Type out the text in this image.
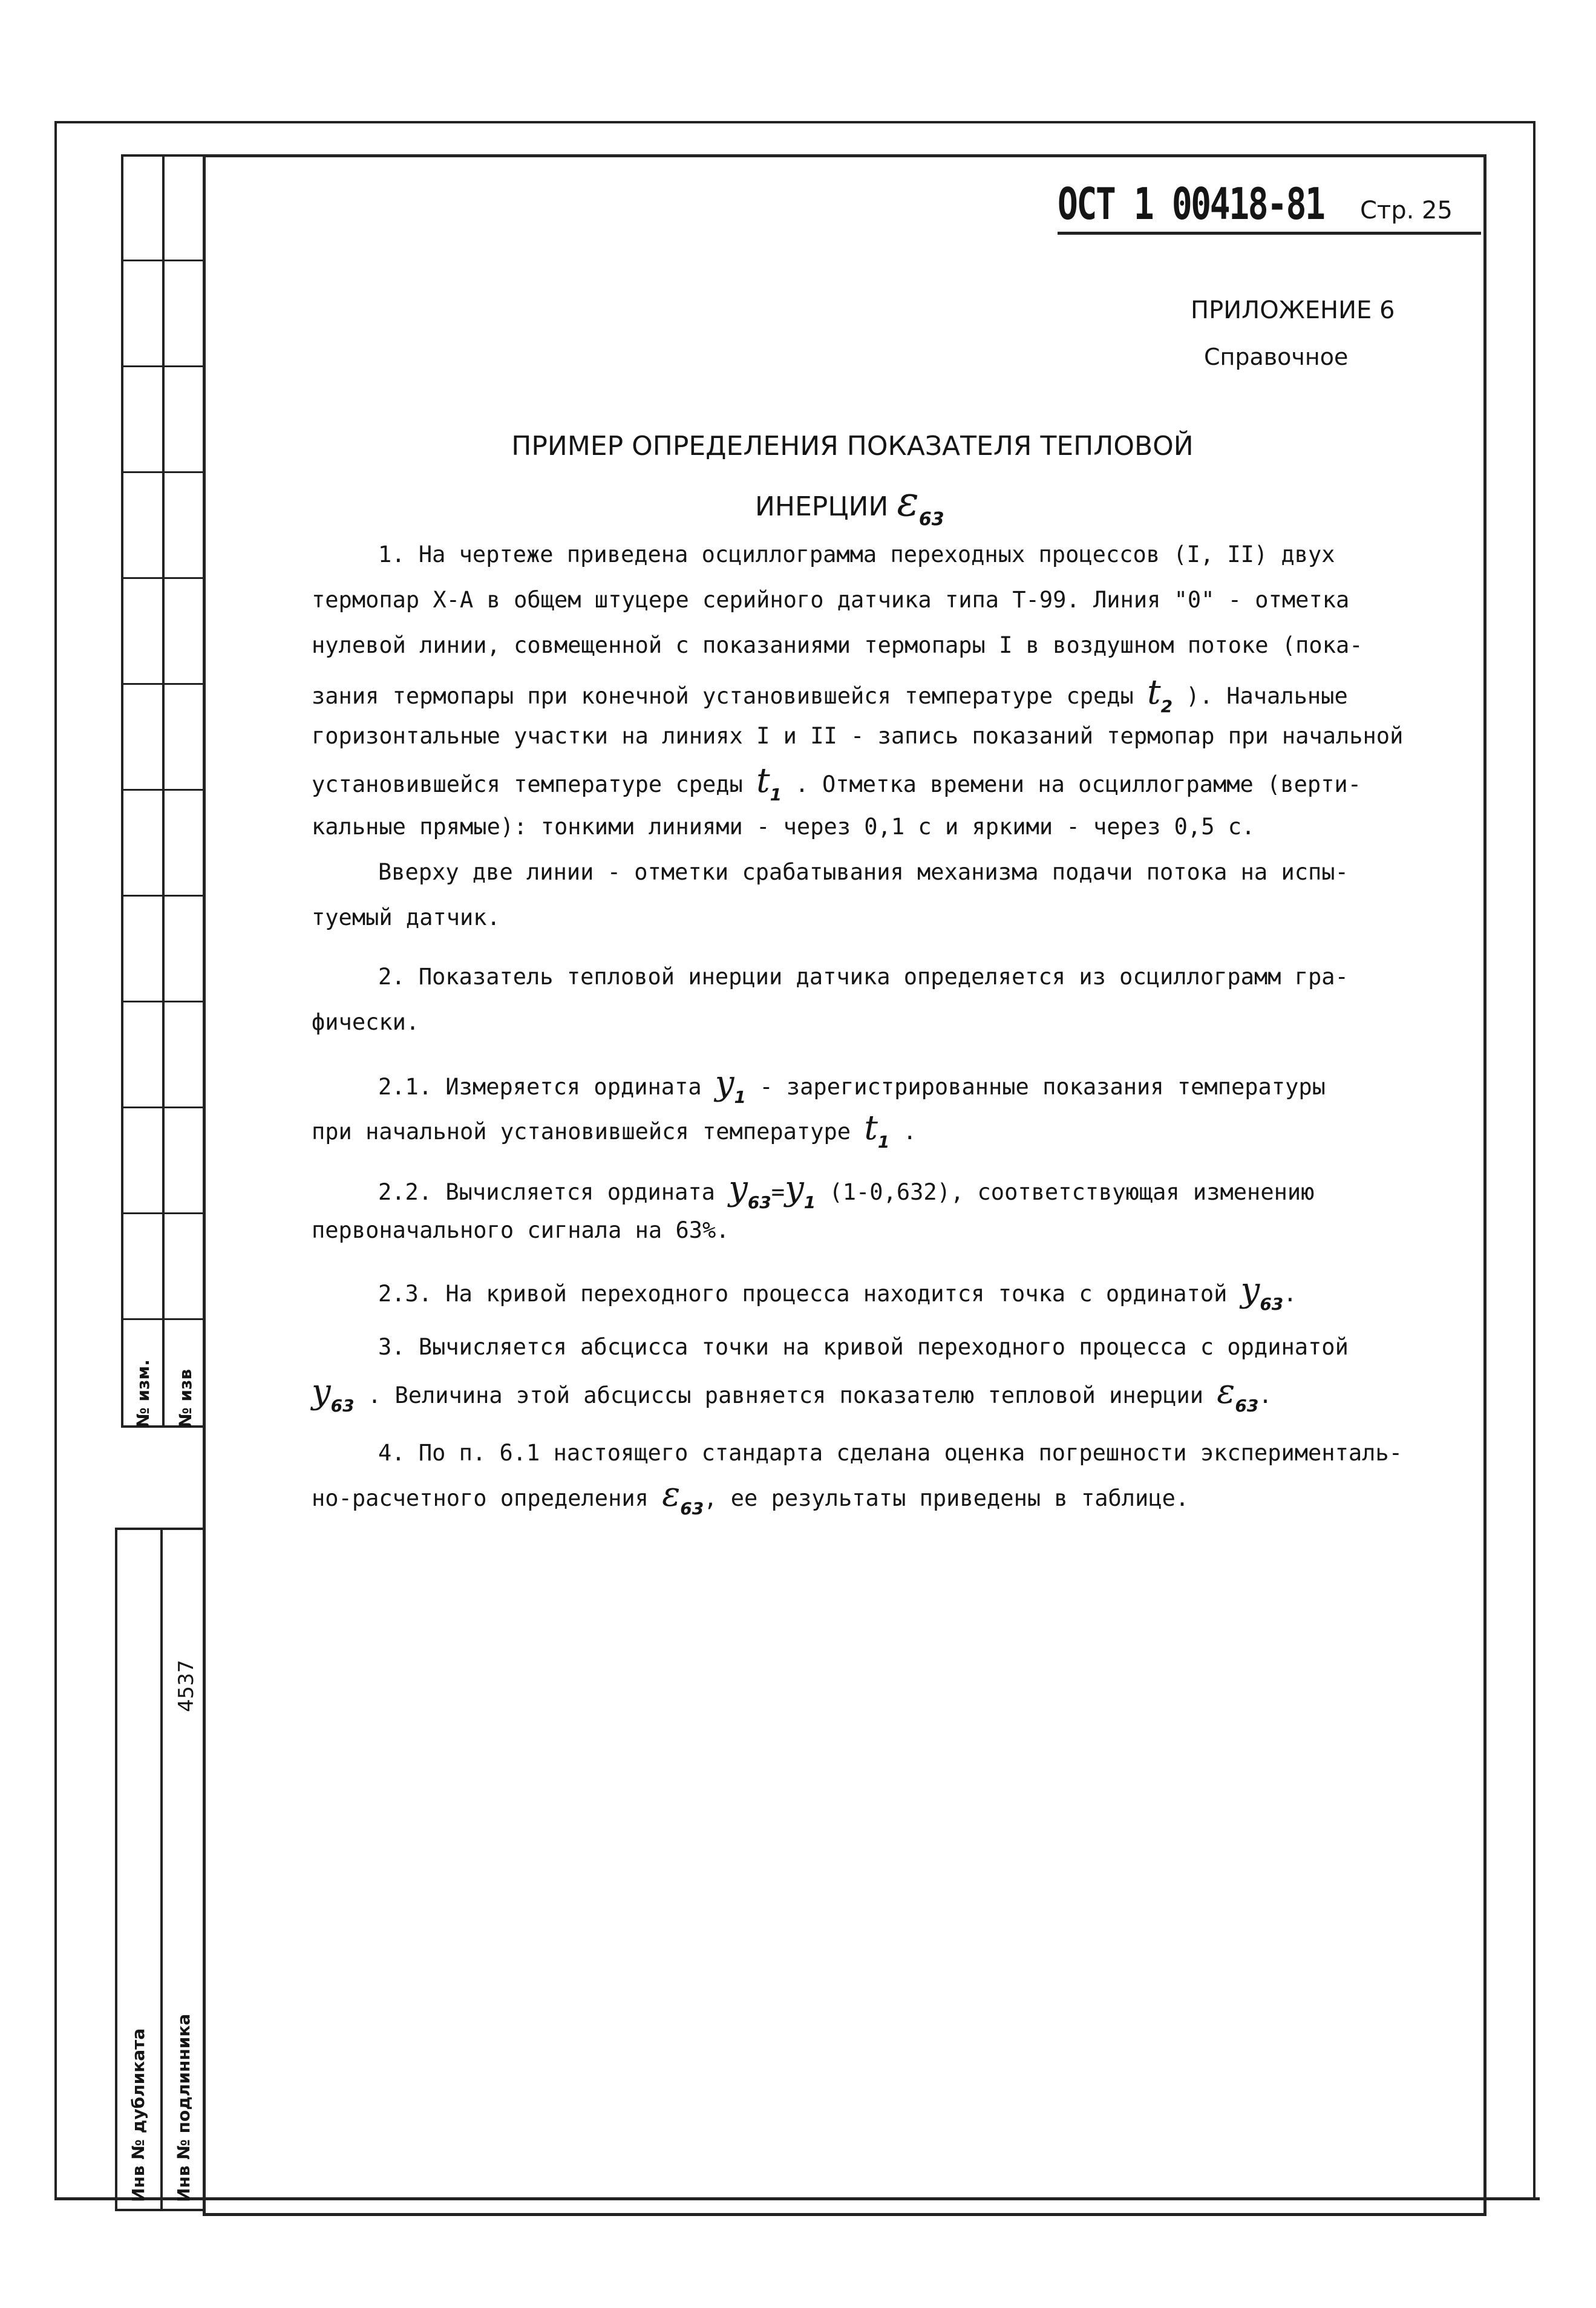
№ изм. № изв
Инв № дубликата Инв № подлинника
4537
ОСТ 1 00418-81 Стр. 25
ПРИЛОЖЕНИЕ 6
Справочное
ПРИМЕР ОПРЕДЕЛЕНИЯ ПОКАЗАТЕЛЯ ТЕПЛОВОЙ
ИНЕРЦИИ $\varepsilon_{63}$
1. На чертеже приведена осциллограмма переходных процессов (I, II) двух
термопар Х-А в общем штуцере серийного датчика типа Т-99. Линия "0" - отметка
нулевой линии, совмещенной с показаниями термопары I в воздушном потоке (пока-
зания термопары при конечной установившейся температуре среды $t_2$ ). Начальные
горизонтальные участки на линиях I и II - запись показаний термопар при начальной
установившейся температуре среды $t_1$ . Отметка времени на осциллограмме (верти-
кальные прямые): тонкими линиями - через 0,1 с и яркими - через 0,5 с.
Вверху две линии - отметки срабатывания механизма подачи потока на испы-
туемый датчик.
2. Показатель тепловой инерции датчика определяется из осциллограмм гра-
фически.
2.1. Измеряется ордината $y_1$ - зарегистрированные показания температуры
при начальной установившейся температуре $t_1$ .
2.2. Вычисляется ордината $y_{63}=y_1$ (1-0,632), соответствующая изменению
первоначального сигнала на 63%.
2.3. На кривой переходного процесса находится точка с ординатой $y_{63}$.
3. Вычисляется абсцисса точки на кривой переходного процесса с ординатой
$y_{63}$ . Величина этой абсциссы равняется показателю тепловой инерции $\varepsilon_{63}$.
4. По п. 6.1 настоящего стандарта сделана оценка погрешности эксперименталь-
но-расчетного определения $\varepsilon_{63}$, ее результаты приведены в таблице.
